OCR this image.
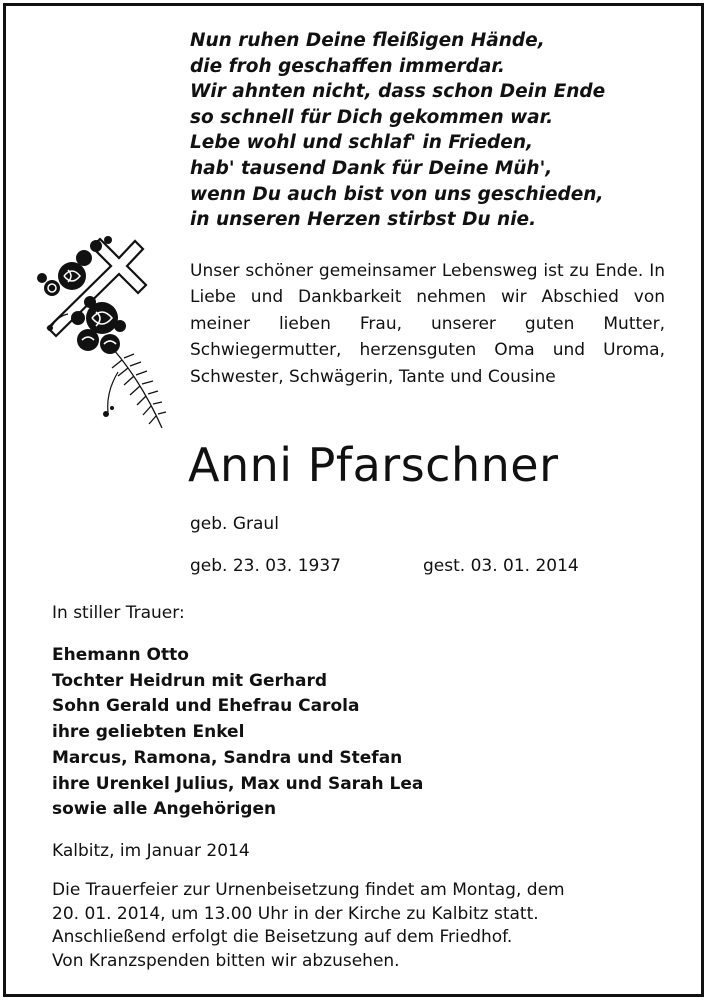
Nun ruhen Deine fleißigen Hände,
die froh geschaffen immerdar.
Wir ahnten nicht, dass schon Dein Ende
so schnell für Dich gekommen war.
Lebe wohl und schlaf' in Frieden,
hab' tausend Dank für Deine Müh',
wenn Du auch bist von uns geschieden,
in unseren Herzen stirbst Du nie.

Unser schöner gemeinsamer Lebensweg ist zu Ende. In Liebe und Dankbarkeit nehmen wir Abschied von meiner lieben Frau, unserer guten Mutter, Schwiegermutter, herzensguten Oma und Uroma, Schwester, Schwägerin, Tante und Cousine

Anni Pfarschner
geb. Graul
geb. 23. 03. 1937	gest. 03. 01. 2014
In stiller Trauer:
Ehemann Otto
Tochter Heidrun mit Gerhard
Sohn Gerald und Ehefrau Carola
ihre geliebten Enkel
Marcus, Ramona, Sandra und Stefan
ihre Urenkel Julius, Max und Sarah Lea
sowie alle Angehörigen
Kalbitz, im Januar 2014

Die Trauerfeier zur Urnenbeisetzung findet am Montag, dem
20. 01. 2014, um 13.00 Uhr in der Kirche zu Kalbitz statt.
Anschließend erfolgt die Beisetzung auf dem Friedhof.
Von Kranzspenden bitten wir abzusehen.
